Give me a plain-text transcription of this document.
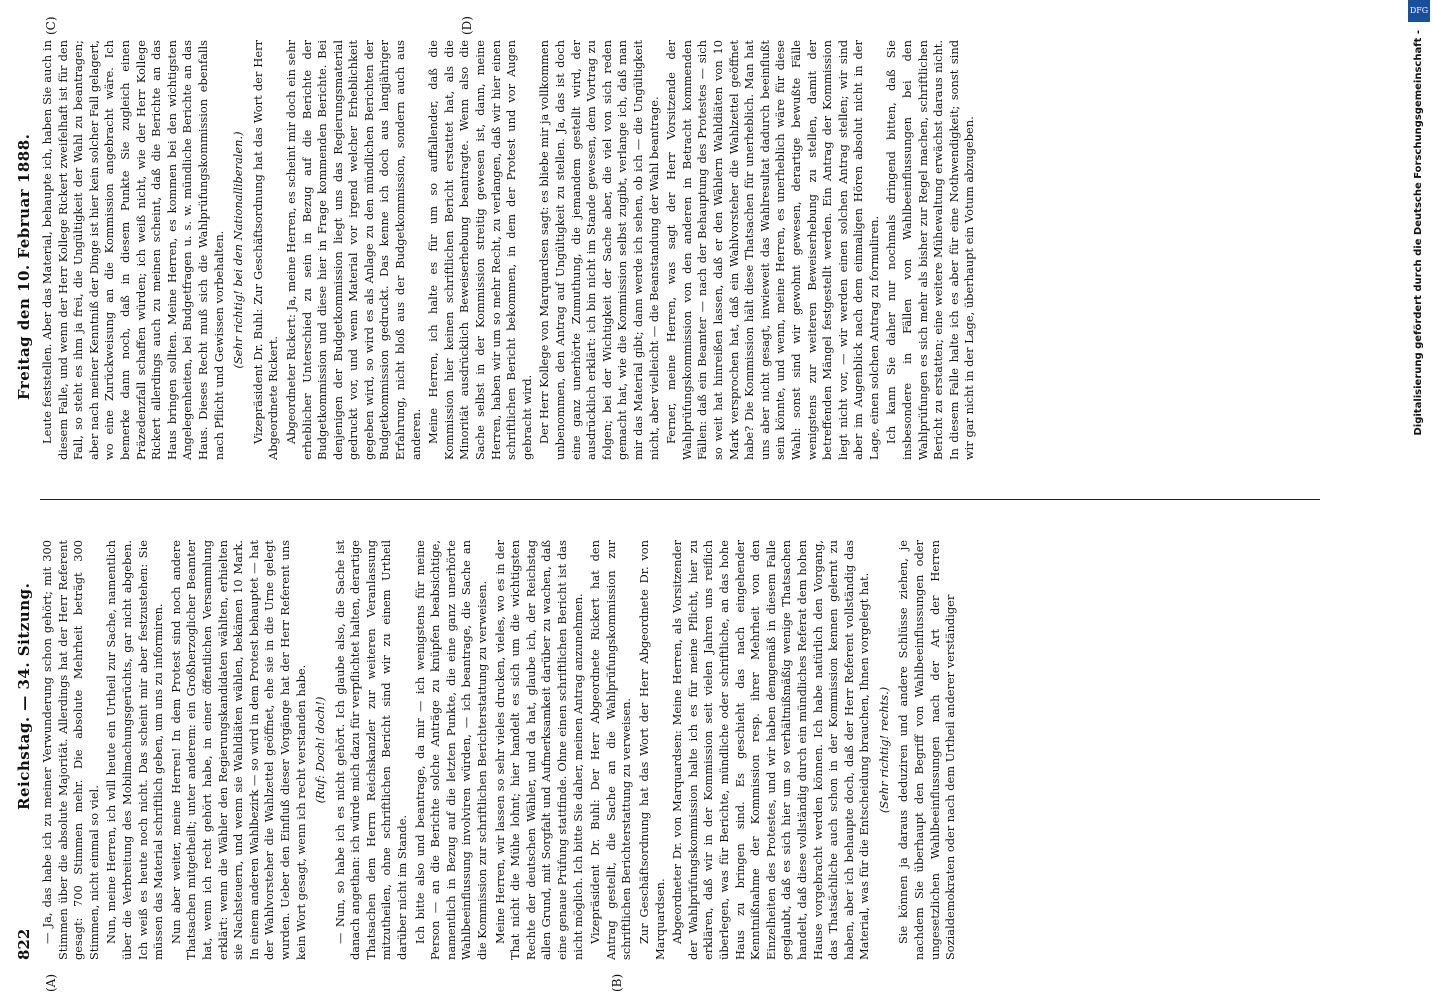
822
Reichstag. — 34. Sitzung.
Freitag den 10. Februar 1888.
(A)	(B)
(C)	(D)

— Ja, das habe ich zu meiner Verwunderung schon gehört; mit 300 Stimmen über die absolute Majorität. Allerdings hat der Herr Referent gesagt: 700 Stimmen mehr. Die absolute Mehrheit beträgt 300 Stimmen, nicht einmal so viel. Nun, meine Herren, ich will heute ein Urtheil zur Sache, namentlich über die Verbreitung des Mobilmachungsgerüchts, gar nicht abgeben. Ich weiß es heute noch nicht. Das scheint mir aber festzustehen: Sie müssen das Material schriftlich geben, um uns zu informiren. Nun aber weiter, meine Herren! In dem Protest sind noch andere Thatsachen mitgetheilt; unter anderem: ein Großherzoglicher Beamter hat, wenn ich recht gehört habe, in einer öffentlichen Versammlung erklärt: wenn die Wähler den Regierungskandidaten wählten, erhielten sie Nachsteuern, und wenn sie Wahldiäten wählen, bekämen 10 Mark. In einem anderen Wahlbezirk — so wird in dem Protest behauptet — hat der Wahlvorsteher die Wahlzettel geöffnet, ehe sie in die Urne gelegt wurden. Ueber den Einfluß dieser Vorgänge hat der Herr Referent uns kein Wort gesagt, wenn ich recht verstanden habe. (Ruf: Doch! doch!) — Nun, so habe ich es nicht gehört. Ich glaube also, die Sache ist danach angethan: ich würde mich dazu für verpflichtet halten, derartige Thatsachen dem Herrn Reichskanzler zur weiteren Veranlassung mitzutheilen, ohne schriftlichen Bericht sind wir zu einem Urtheil darüber nicht im Stande. Ich bitte also und beantrage, da mir — ich wenigstens für meine Person — an die Berichte solche Anträge zu knüpfen beabsichtige, namentlich in Bezug auf die letzten Punkte, die eine ganz unerhörte Wahlbeeinflussung involviren würden, — ich beantrage, die Sache an die Kommission zur schriftlichen Berichterstattung zu verweisen. Meine Herren, wir lassen so sehr vieles drucken, vieles, wo es in der That nicht die Mühe lohnt; hier handelt es sich um die wichtigsten Rechte der deutschen Wähler, und da hat, glaube ich, der Reichstag allen Grund, mit Sorgfalt und Aufmerksamkeit darüber zu wachen, daß eine genaue Prüfung stattfinde. Ohne einen schriftlichen Bericht ist das nicht möglich. Ich bitte Sie daher, meinen Antrag anzunehmen. Vizepräsident Dr. Buhl: Der Herr Abgeordnete Rickert hat den Antrag gestellt, die Sache an die Wahlprüfungskommission zur schriftlichen Berichterstattung zu verweisen. Zur Geschäftsordnung hat das Wort der Herr Abgeordnete Dr. von Marquardsen. Abgeordneter Dr. von Marquardsen: Meine Herren, als Vorsitzender der Wahlprüfungskommission halte ich es für meine Pflicht, hier zu erklären, daß wir in der Kommission seit vielen Jahren uns reiflich überlegen, was für Berichte, mündliche oder schriftliche, an das hohe Haus zu bringen sind. Es geschieht das nach eingehender Kenntnißnahme der Kommission resp. ihrer Mehrheit von den Einzelheiten des Protestes, und wir haben demgemäß in diesem Falle geglaubt, daß es sich hier um so verhältnißmäßig wenige Thatsachen handelt, daß diese vollständig durch ein mündliches Referat dem hohen Hause vorgebracht werden können. Ich habe natürlich den Vorgang, das Thatsächliche auch schon in der Kommission kennen gelernt zu haben, aber ich behaupte doch, daß der Herr Referent vollständig das Material, was für die Entscheidung brauchen, Ihnen vorgelegt hat. (Sehr richtig! rechts.) Sie können ja daraus deduziren und andere Schlüsse ziehen, je nachdem Sie überhaupt den Begriff von Wahlbeeinflussungen oder ungesetzlichen Wahlbeeinflussungen nach der Art der Herren Sozialdemokraten oder nach dem Urtheil anderer verständiger

Leute feststellen. Aber das Material, behaupte ich, haben Sie auch in diesem Falle, und wenn der Herr Kollege Rickert zweifelhaft ist für den Fall, so steht es ihm ja frei, die Ungültigkeit der Wahl zu beantragen; aber nach meiner Kenntniß der Dinge ist hier kein solcher Fall gelagert, wo eine Zurückweisung an die Kommission angebracht wäre. Ich bemerke dann noch, daß in diesem Punkte Sie zugleich einen Präzedenzfall schaffen würden; ich weiß nicht, wie der Herr Kollege Rickert allerdings auch zu meinen scheint, daß die Berichte an das Haus bringen sollten. Meine Herren, es kommen bei den wichtigsten Angelegenheiten, bei Budgetfragen u. s. w. mündliche Berichte an das Haus. Dieses Recht muß sich die Wahlprüfungskommission ebenfalls nach Pflicht und Gewissen vorbehalten. (Sehr richtig! bei den Nationalliberalen.) Vizepräsident Dr. Buhl: Zur Geschäftsordnung hat das Wort der Herr Abgeordnete Rickert. Abgeordneter Rickert: Ja, meine Herren, es scheint mir doch ein sehr erheblicher Unterschied zu sein in Bezug auf die Berichte der Budgetkommission und diese hier in Frage kommenden Berichte. Bei denjenigen der Budgetkommission liegt uns das Regierungsmaterial gedruckt vor, und wenn Material vor irgend welcher Erheblichkeit gegeben wird, so wird es als Anlage zu den mündlichen Berichten der Budgetkommission gedruckt. Das kenne ich doch aus langjähriger Erfahrung, nicht bloß aus der Budgetkommission, sondern auch aus anderen. Meine Herren, ich halte es für um so auffallender, daß die Kommission hier keinen schriftlichen Bericht erstattet hat, als die Minorität ausdrücklich Beweiserhebung beantragte. Wenn also die Sache selbst in der Kommission streitig gewesen ist, dann, meine Herren, haben wir um so mehr Recht, zu verlangen, daß wir hier einen schriftlichen Bericht bekommen, in dem der Protest und vor Augen gebracht wird. Der Herr Kollege von Marquardsen sagt: es bliebe mir ja vollkommen unbenommen, den Antrag auf Ungültigkeit zu stellen. Ja, das ist doch eine ganz unerhörte Zumuthung, die jemandem gestellt wird, der ausdrücklich erklärt: ich bin nicht im Stande gewesen, dem Vortrag zu folgen; bei der Wichtigkeit der Sache aber, die viel von sich reden gemacht hat, wie die Kommission selbst zugibt, verlange ich, daß man mir das Material gibt; dann werde ich sehen, ob ich — die Ungültigkeit nicht, aber vielleicht — die Beanstandung der Wahl beantrage. Ferner, meine Herren, was sagt der Herr Vorsitzende der Wahlprüfungskommission von den anderen in Betracht kommenden Fällen: daß ein Beamter — nach der Behauptung des Protestes — sich so weit hat hinreißen lassen, daß er den Wählern Wahldiäten von 10 Mark versprochen hat, daß ein Wahlvorsteher die Wahlzettel geöffnet habe? Die Kommission hält diese Thatsachen für unerheblich. Man hat uns aber nicht gesagt, inwieweit das Wahlresultat dadurch beeinflußt sein könnte, und wenn, meine Herren, es unerheblich wäre für diese Wahl: sonst sind wir gewohnt gewesen, derartige bewußte Fälle wenigstens zur weiteren Beweiserhebung zu stellen, damit der betreffenden Mängel festgestellt werden. Ein Antrag der Kommission liegt nicht vor, — wir werden einen solchen Antrag stellen; wir sind aber im Augenblick nach dem einmaligen Hören absolut nicht in der Lage, einen solchen Antrag zu formuliren. Ich kann Sie daher nur nochmals dringend bitten, daß Sie insbesondere in Fällen von Wahlbeeinflussungen bei den Wahlprüfungen es sich mehr als bisher zur Regel machen, schriftlichen Bericht zu erstatten; eine weitere Mühewaltung erwächst daraus nicht. In diesem Falle halte ich es aber für eine Nothwendigkeit; sonst sind wir gar nicht in der Lage, überhaupt ein Votum abzugeben.	Digitalisierung gefördert durch die Deutsche Forschungsgemeinschaft -
DFG
